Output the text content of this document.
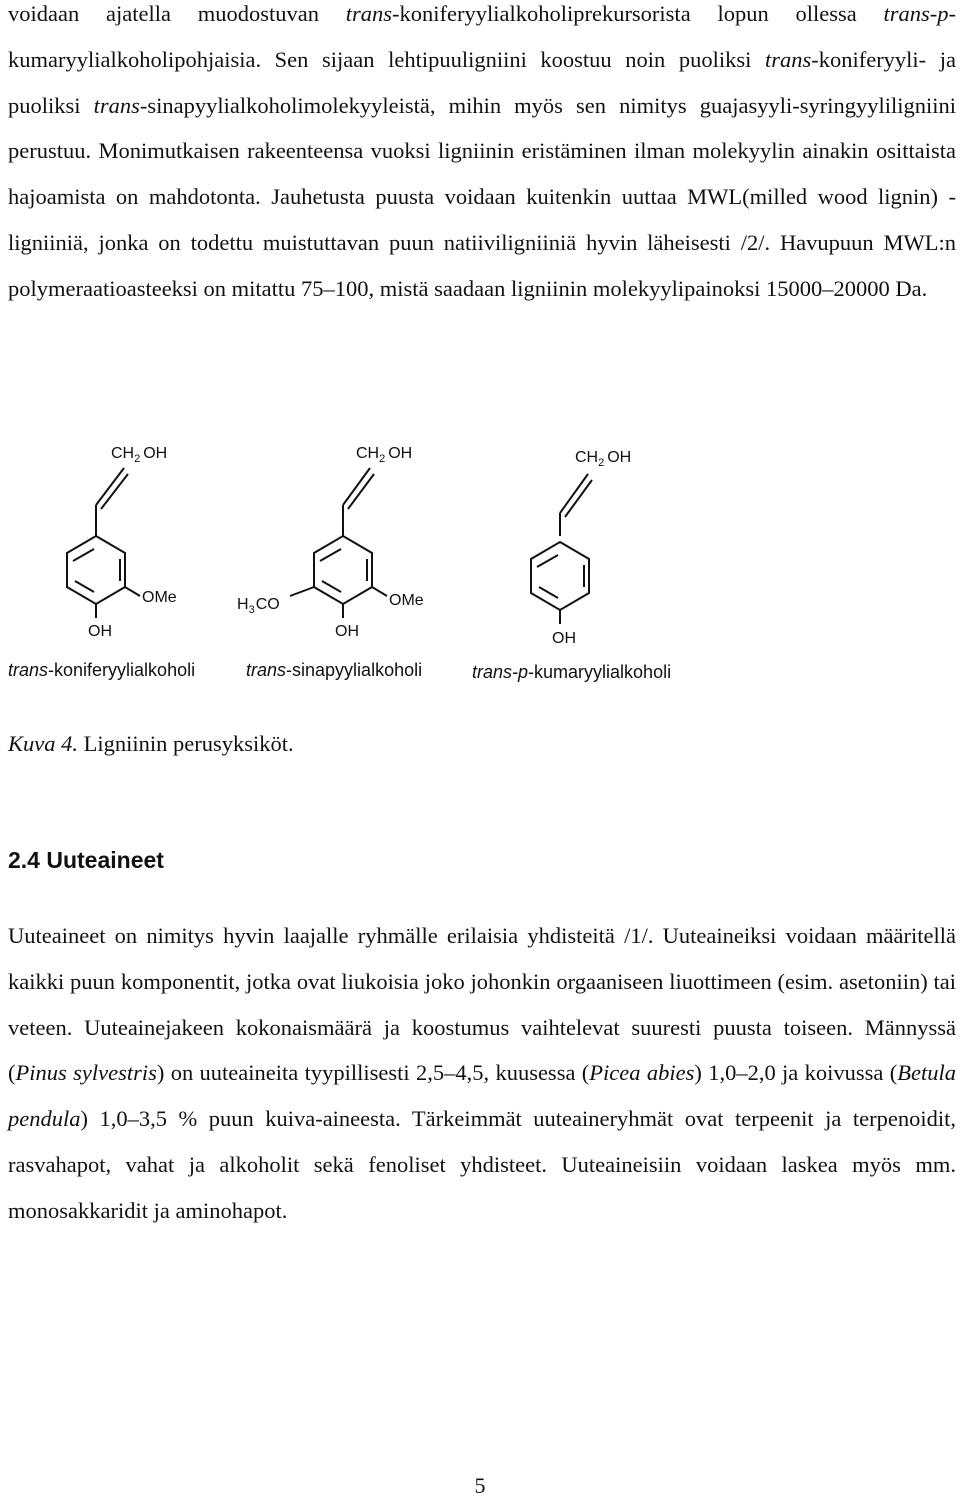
voidaan ajatella muodostuvan trans-koniferyylialkoholiprekursorista lopun ollessa trans-p-kumaryylialkoholipohjaisia. Sen sijaan lehtipuuligniini koostuu noin puoliksi trans-koniferyyli- ja puoliksi trans-sinapyylialkoholimolekyyleistä, mihin myös sen nimitys guajasyyli-syringyyliligniini perustuu. Monimutkaisen rakeenteensa vuoksi ligniinin eristäminen ilman molekyylin ainakin osittaista hajoamista on mahdotonta. Jauhetusta puusta voidaan kuitenkin uuttaa MWL(milled wood lignin) -ligniiniä, jonka on todettu muistuttavan puun natiiviligniiniä hyvin läheisesti /2/. Havupuun MWL:n polymeraatioasteeksi on mitattu 75–100, mistä saadaan ligniinin molekyylipainoksi 15000–20000 Da.

$CH_2$ OH
OMe
OH
$CH_2$ OH
OMe
$H_3CO$
OH
$CH_2$ OH
OH
trans-koniferyylialkoholi	trans-sinapyylialkoholi	trans-p-kumaryylialkoholi

Kuva 4. Ligniinin perusyksiköt.

2.4 Uuteaineet

Uuteaineet on nimitys hyvin laajalle ryhmälle erilaisia yhdisteitä /1/. Uuteaineiksi voidaan määritellä kaikki puun komponentit, jotka ovat liukoisia joko johonkin orgaaniseen liuottimeen (esim. asetoniin) tai veteen. Uuteainejakeen kokonaismäärä ja koostumus vaihtelevat suuresti puusta toiseen. Männyssä (Pinus sylvestris) on uuteaineita tyypillisesti 2,5–4,5, kuusessa (Picea abies) 1,0–2,0 ja koivussa (Betula pendula) 1,0–3,5 % puun kuiva-aineesta. Tärkeimmät uuteaineryhmät ovat terpeenit ja terpenoidit, rasvahapot, vahat ja alkoholit sekä fenoliset yhdisteet. Uuteaineisiin voidaan laskea myös mm. monosakkaridit ja aminohapot.

5
